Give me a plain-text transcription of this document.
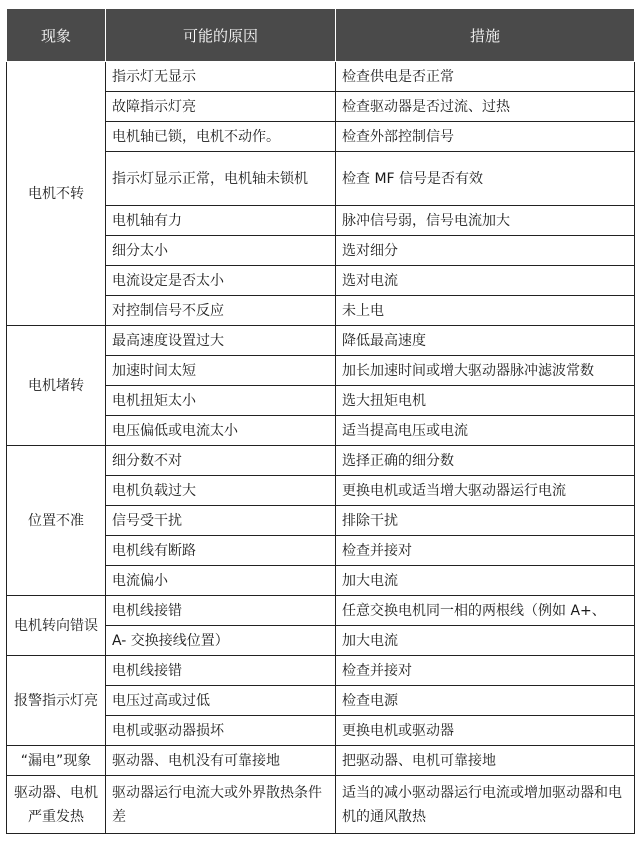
现象	可能的原因	措施
电机不转	指示灯无显示	检查供电是否正常
	故障指示灯亮	检查驱动器是否过流、过热
	电机轴已锁，电机不动作。	检查外部控制信号
	指示灯显示正常，电机轴未锁机	检查 MF 信号是否有效
	电机轴有力	脉冲信号弱，信号电流加大
	细分太小	选对细分
	电流设定是否太小	选对电流
	对控制信号不反应	未上电
电机堵转	最高速度设置过大	降低最高速度
	加速时间太短	加长加速时间或增大驱动器脉冲滤波常数
	电机扭矩太小	选大扭矩电机
	电压偏低或电流太小	适当提高电压或电流
位置不准	细分数不对	选择正确的细分数
	电机负载过大	更换电机或适当增大驱动器运行电流
	信号受干扰	排除干扰
	电机线有断路	检查并接对
	电流偏小	加大电流
电机转向错误	电机线接错	任意交换电机同一相的两根线（例如 A+、
	A- 交换接线位置）	加大电流
报警指示灯亮	电机线接错	检查并接对
	电压过高或过低	检查电源
	电机或驱动器损坏	更换电机或驱动器
“漏电”现象	驱动器、电机没有可靠接地	把驱动器、电机可靠接地
驱动器、电机严重发热	驱动器运行电流大或外界散热条件差	适当的减小驱动器运行电流或增加驱动器和电机的通风散热
